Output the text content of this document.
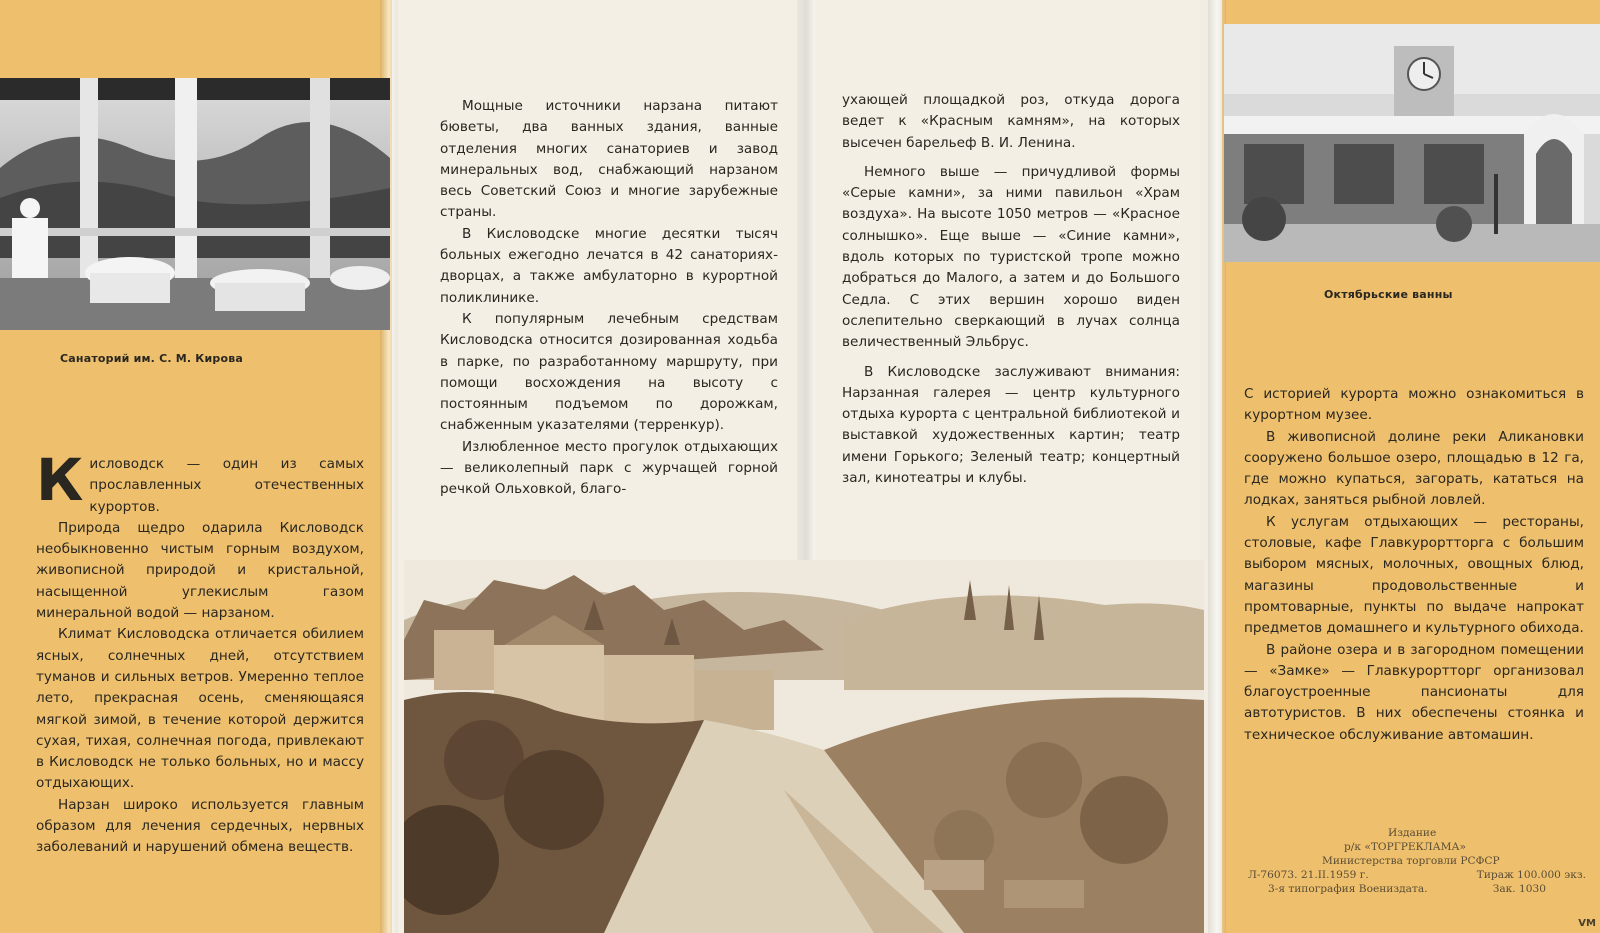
Санаторий им. С. М. Кирова

Кисловодск — один из самых прославленных отечественных курортов.

Природа щедро одарила Кисловодск необыкновенно чистым горным воздухом, живописной природой и кристальной, насыщенной углекислым газом минеральной водой — нарзаном.

Климат Кисловодска отличается обилием ясных, солнечных дней, отсутствием туманов и сильных ветров. Умеренно теплое лето, прекрасная осень, сменяющаяся мягкой зимой, в течение которой держится сухая, тихая, солнечная погода, привлекают в Кисловодск не только больных, но и массу отдыхающих.

Нарзан широко используется главным образом для лечения сердечных, нервных заболеваний и нарушений обмена веществ.

Мощные источники нарзана питают бюветы, два ванных здания, ванные отделения многих санаториев и завод минеральных вод, снабжающий нарзаном весь Советский Союз и многие зарубежные страны.

В Кисловодске многие десятки тысяч больных ежегодно лечатся в 42 санаториях-дворцах, а также амбулаторно в курортной поликлинике.

К популярным лечебным средствам Кисловодска относится дозированная ходьба в парке, по разработанному маршруту, при помощи восхождения на высоту с постоянным подъемом по дорожкам, снабженным указателями (терренкур).

Излюбленное место прогулок отдыхающих — великолепный парк с журчащей горной речкой Ольховкой, благо-

ухающей площадкой роз, откуда дорога ведет к «Красным камням», на которых высечен барельеф В. И. Ленина.

Немного выше — причудливой формы «Серые камни», за ними павильон «Храм воздуха». На высоте 1050 метров — «Красное солнышко». Еще выше — «Синие камни», вдоль которых по туристской тропе можно добраться до Малого, а затем и до Большого Седла. С этих вершин хорошо виден ослепительно сверкающий в лучах солнца величественный Эльбрус.

В Кисловодске заслуживают внимания: Нарзанная галерея — центр культурного отдыха курорта с центральной библиотекой и выставкой художественных картин; театр имени Горького; Зеленый театр; концертный зал, кинотеатры и клубы.

Октябрьские ванны

С историей курорта можно ознакомиться в курортном музее.

В живописной долине реки Аликановки сооружено большое озеро, площадью в 12 га, где можно купаться, загорать, кататься на лодках, заняться рыбной ловлей.

К услугам отдыхающих — рестораны, столовые, кафе Главкурортторга с большим выбором мясных, молочных, овощных блюд, магазины продовольственные и промтоварные, пункты по выдаче напрокат предметов домашнего и культурного обихода.

В районе озера и в загородном помещении — «Замке» — Главкурортторг организовал благоустроенные пансионаты для автотуристов. В них обеспечены стоянка и техническое обслуживание автомашин.

Издание
р/к «ТОРГРЕКЛАМА»
Министерства торговли РСФСР
Л-76073. 21.II.1959 г.	Тираж 100.000 экз.
3-я типография Воениздата.	Зак. 1030
VM
